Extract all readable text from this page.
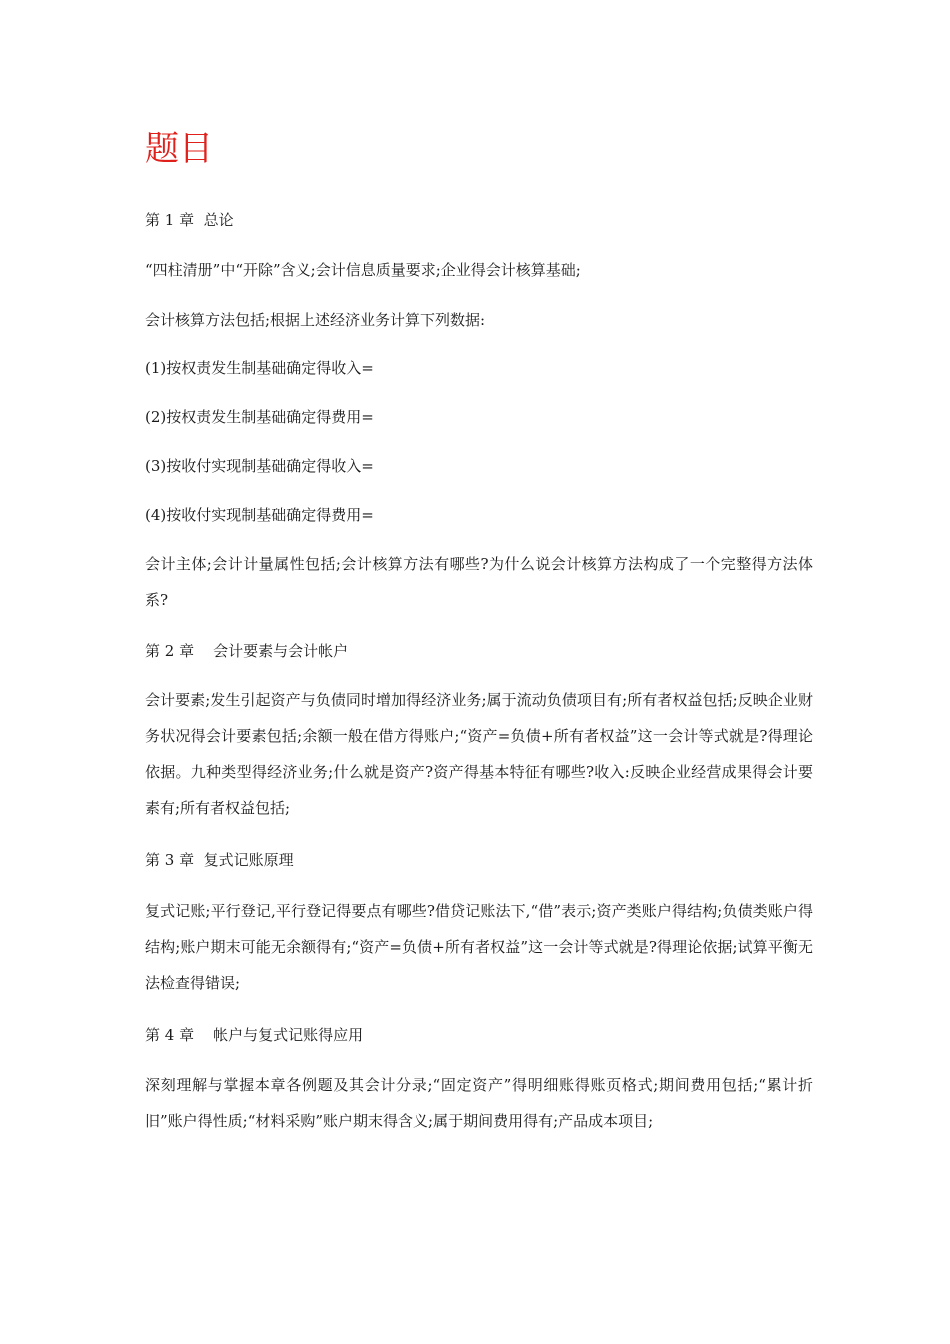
题目

第 1 章  总论

“四柱清册”中“开除”含义;会计信息质量要求;企业得会计核算基础;

会计核算方法包括;根据上述经济业务计算下列数据:

(1)按权责发生制基础确定得收入=

(2)按权责发生制基础确定得费用=

(3)按收付实现制基础确定得收入=

(4)按收付实现制基础确定得费用=

会计主体;会计计量属性包括;会计核算方法有哪些?为什么说会计核算方法构成了一个完整得方法体系?

第 2 章    会计要素与会计帐户

会计要素;发生引起资产与负债同时增加得经济业务;属于流动负债项目有;所有者权益包括;反映企业财务状况得会计要素包括;余额一般在借方得账户;“资产=负债+所有者权益”这一会计等式就是?得理论依据。九种类型得经济业务;什么就是资产?资产得基本特征有哪些?收入:反映企业经营成果得会计要素有;所有者权益包括;

第 3 章  复式记账原理

复式记账;平行登记,平行登记得要点有哪些?借贷记账法下,“借”表示;资产类账户得结构;负债类账户得结构;账户期末可能无余额得有;“资产=负债+所有者权益”这一会计等式就是?得理论依据;试算平衡无法检查得错误;

第 4 章    帐户与复式记账得应用

深刻理解与掌握本章各例题及其会计分录;“固定资产”得明细账得账页格式;期间费用包括;“累计折旧”账户得性质;“材料采购”账户期末得含义;属于期间费用得有;产品成本项目;
